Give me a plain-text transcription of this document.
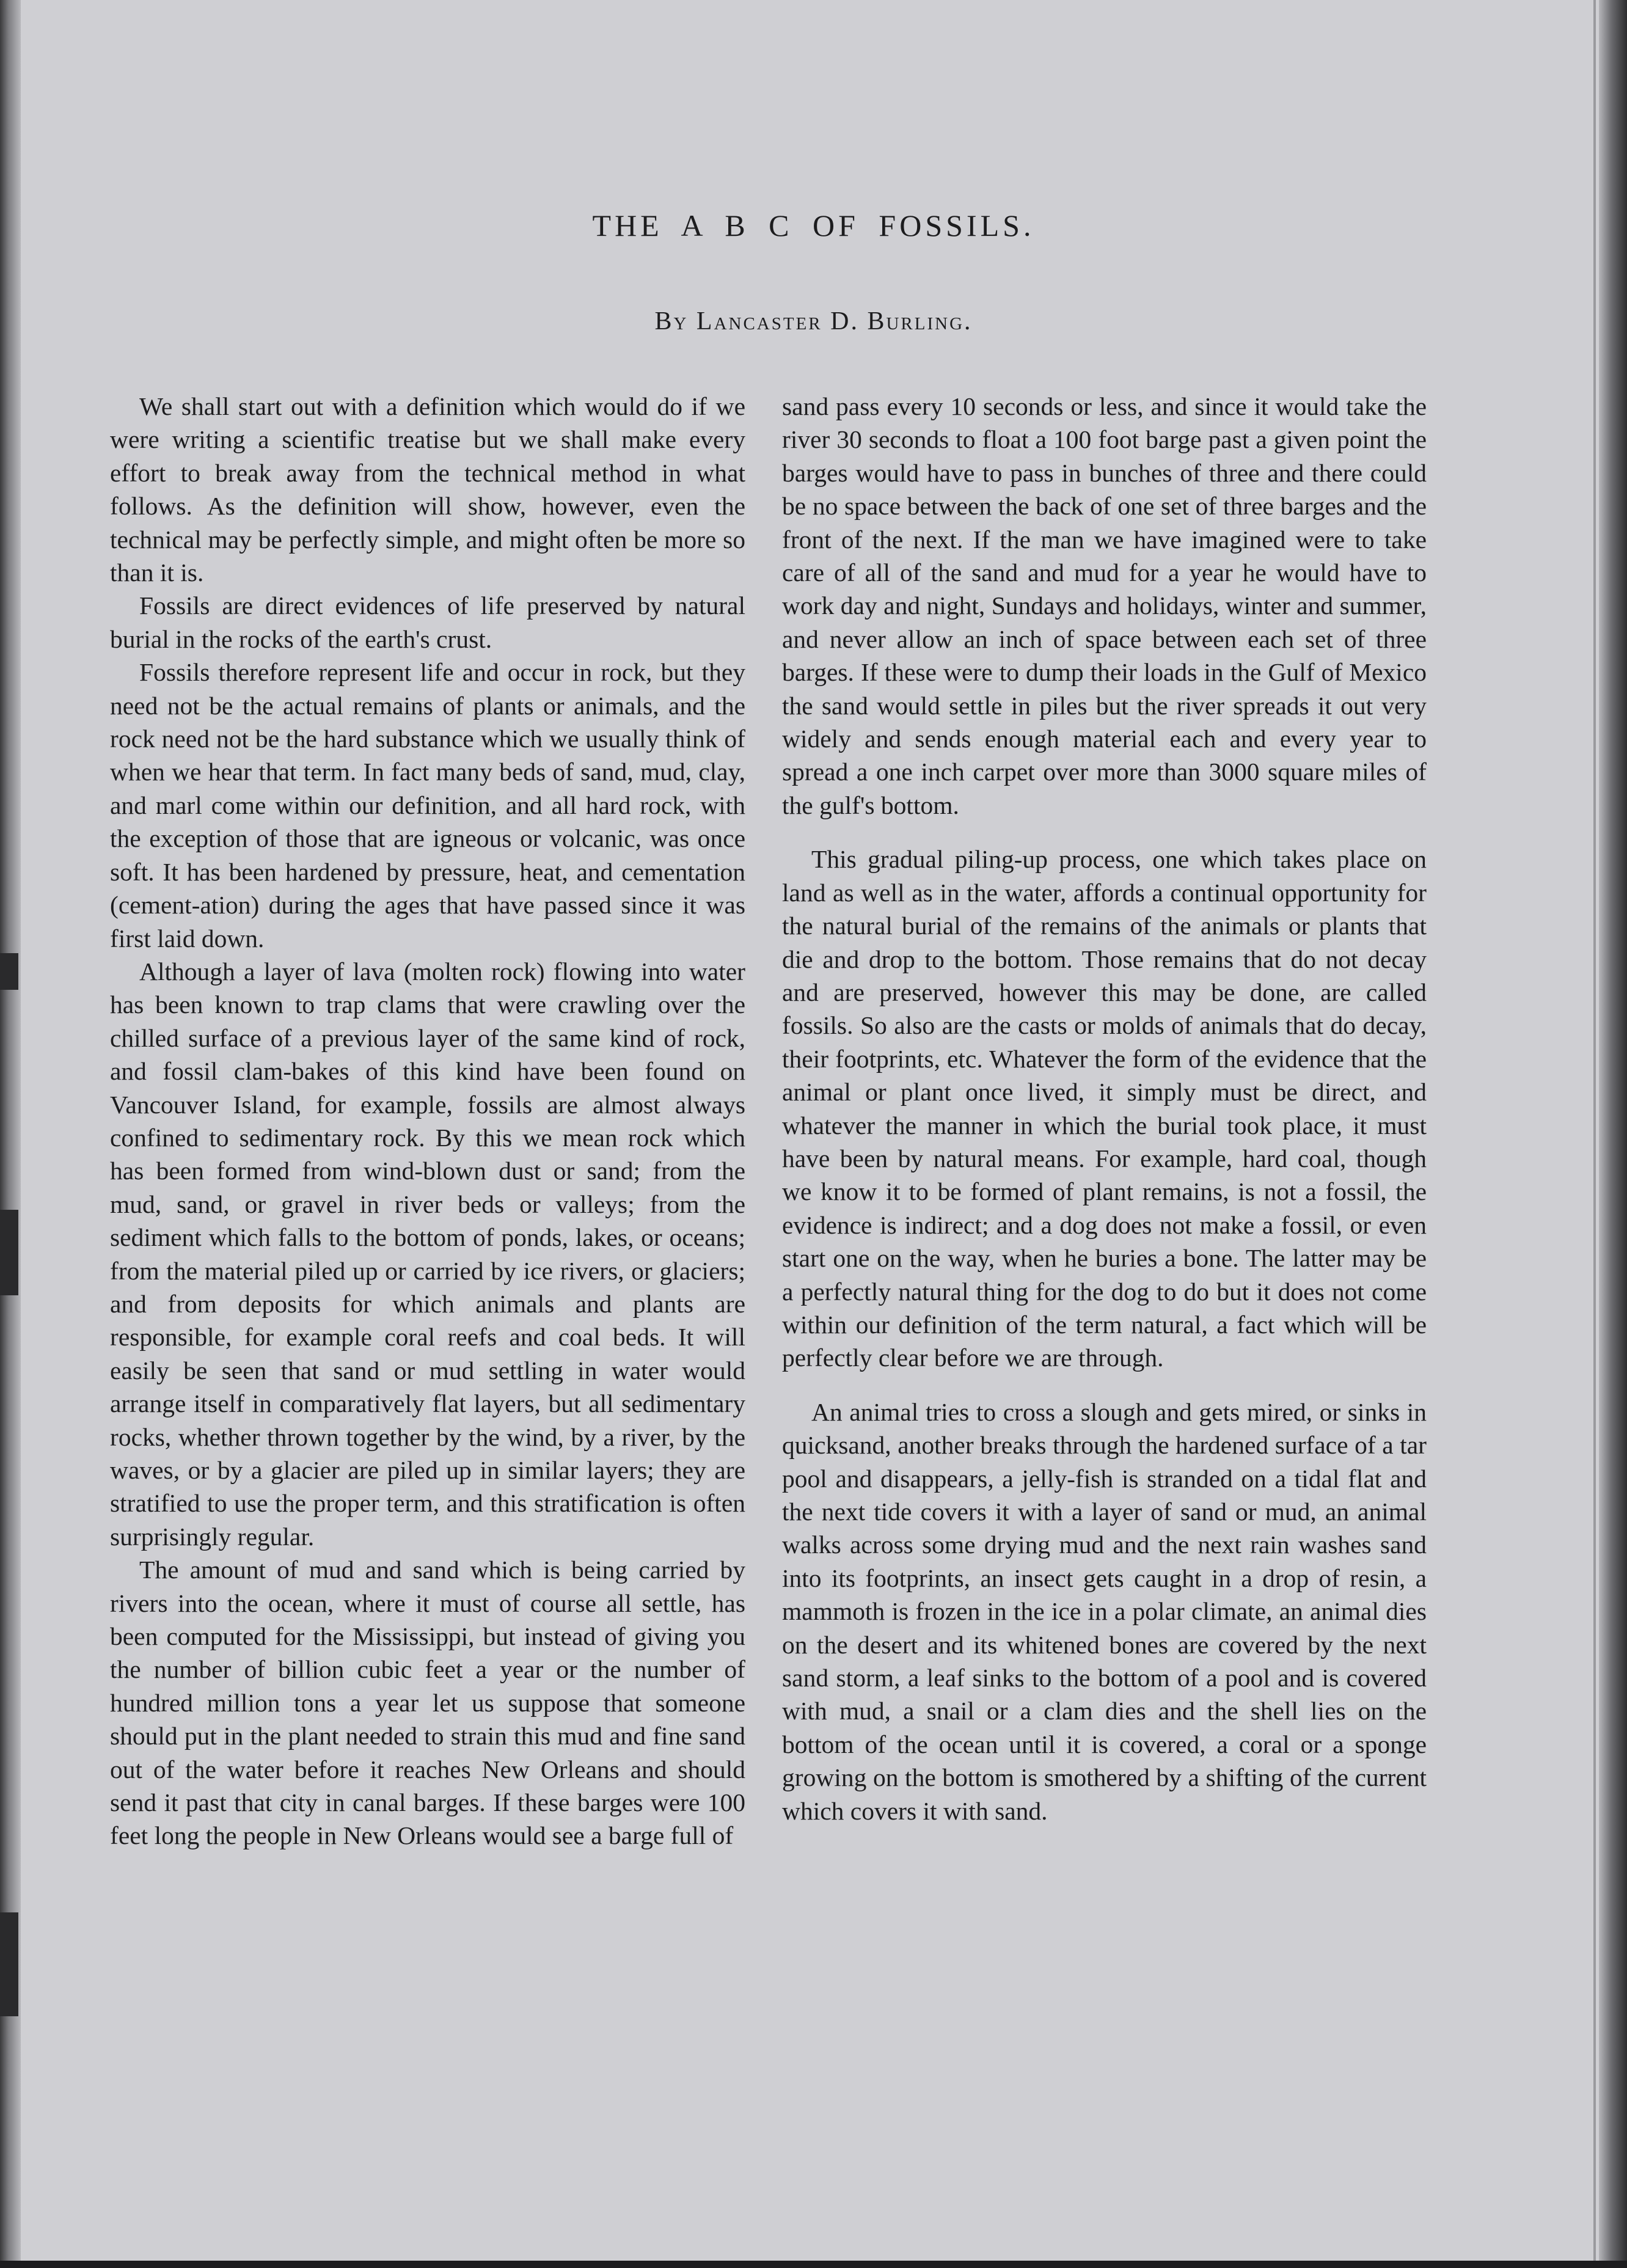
THE A B C OF FOSSILS.
By Lancaster D. Burling.

We shall start out with a definition which would do if we were writing a scientific treatise but we shall make every effort to break away from the technical method in what follows. As the definition will show, however, even the technical may be perfectly simple, and might often be more so than it is.

Fossils are direct evidences of life preserved by natural burial in the rocks of the earth's crust.

Fossils therefore represent life and occur in rock, but they need not be the actual remains of plants or animals, and the rock need not be the hard substance which we usually think of when we hear that term. In fact many beds of sand, mud, clay, and marl come within our definition, and all hard rock, with the exception of those that are igneous or volcanic, was once soft. It has been hardened by pressure, heat, and cementation (cement-ation) during the ages that have passed since it was first laid down.

Although a layer of lava (molten rock) flowing into water has been known to trap clams that were crawling over the chilled surface of a previous layer of the same kind of rock, and fossil clam-bakes of this kind have been found on Vancouver Island, for example, fossils are almost always confined to sedimentary rock. By this we mean rock which has been formed from wind-blown dust or sand; from the mud, sand, or gravel in river beds or valleys; from the sediment which falls to the bottom of ponds, lakes, or oceans; from the material piled up or carried by ice rivers, or glaciers; and from deposits for which animals and plants are responsible, for example coral reefs and coal beds. It will easily be seen that sand or mud settling in water would arrange itself in comparatively flat layers, but all sedimentary rocks, whether thrown together by the wind, by a river, by the waves, or by a glacier are piled up in similar layers; they are stratified to use the proper term, and this stratification is often surprisingly regular.

The amount of mud and sand which is being carried by rivers into the ocean, where it must of course all settle, has been computed for the Mississippi, but instead of giving you the number of billion cubic feet a year or the number of hundred million tons a year let us suppose that someone should put in the plant needed to strain this mud and fine sand out of the water before it reaches New Orleans and should send it past that city in canal barges. If these barges were 100 feet long the people in New Orleans would see a barge full of

sand pass every 10 seconds or less, and since it would take the river 30 seconds to float a 100 foot barge past a given point the barges would have to pass in bunches of three and there could be no space between the back of one set of three barges and the front of the next. If the man we have imagined were to take care of all of the sand and mud for a year he would have to work day and night, Sundays and holidays, winter and summer, and never allow an inch of space between each set of three barges. If these were to dump their loads in the Gulf of Mexico the sand would settle in piles but the river spreads it out very widely and sends enough material each and every year to spread a one inch carpet over more than 3000 square miles of the gulf's bottom.

This gradual piling-up process, one which takes place on land as well as in the water, affords a continual opportunity for the natural burial of the remains of the animals or plants that die and drop to the bottom. Those remains that do not decay and are preserved, however this may be done, are called fossils. So also are the casts or molds of animals that do decay, their footprints, etc. Whatever the form of the evidence that the animal or plant once lived, it simply must be direct, and whatever the manner in which the burial took place, it must have been by natural means. For example, hard coal, though we know it to be formed of plant remains, is not a fossil, the evidence is indirect; and a dog does not make a fossil, or even start one on the way, when he buries a bone. The latter may be a perfectly natural thing for the dog to do but it does not come within our definition of the term natural, a fact which will be perfectly clear before we are through.

An animal tries to cross a slough and gets mired, or sinks in quicksand, another breaks through the hardened surface of a tar pool and disappears, a jelly-fish is stranded on a tidal flat and the next tide covers it with a layer of sand or mud, an animal walks across some drying mud and the next rain washes sand into its footprints, an insect gets caught in a drop of resin, a mammoth is frozen in the ice in a polar climate, an animal dies on the desert and its whitened bones are covered by the next sand storm, a leaf sinks to the bottom of a pool and is covered with mud, a snail or a clam dies and the shell lies on the bottom of the ocean until it is covered, a coral or a sponge growing on the bottom is smothered by a shifting of the current which covers it with sand.
